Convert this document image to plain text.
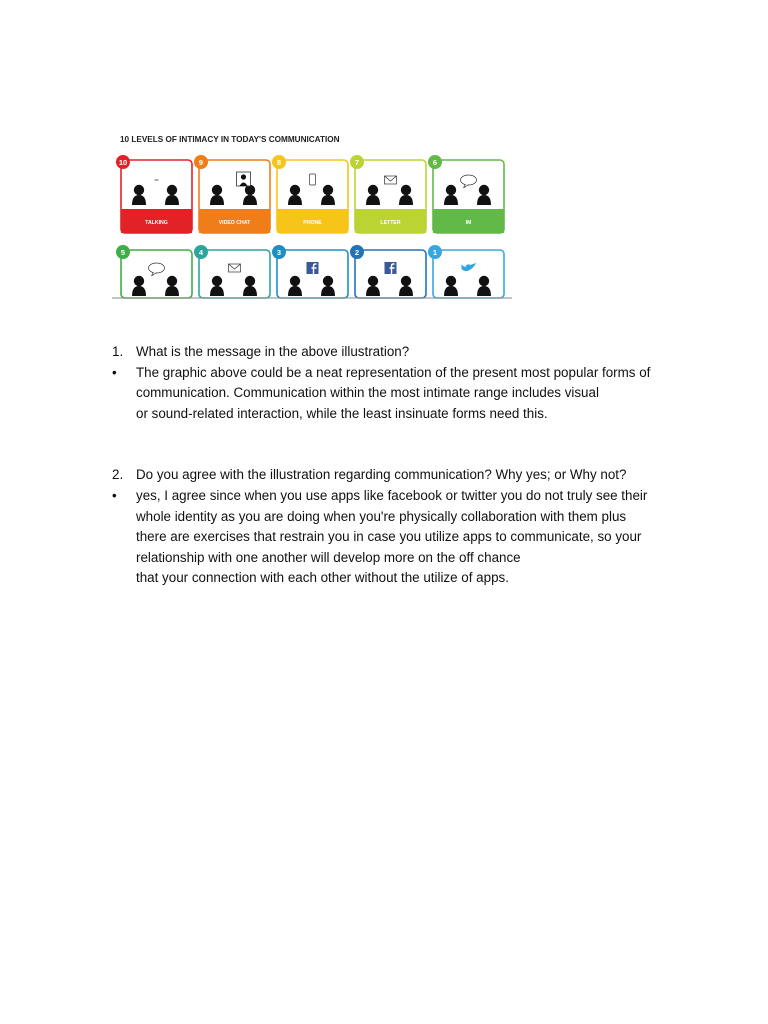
10 LEVELS OF INTIMACY IN TODAY'S COMMUNICATION
TALKING
10
VIDEO CHAT
9
PHONE
8
LETTER
7
IM
6
5	4	3	2	1
1. What is the message in the above illustration?
• The graphic above could be a neat representation of the present most popular forms of
communication. Communication within the most intimate range includes visual
or sound-related interaction, while the least insinuate forms need this.
2. Do you agree with the illustration regarding communication? Why yes; or Why not?
• yes, I agree since when you use apps like facebook or twitter you do not truly see their
whole identity as you are doing when you're physically collaboration with them plus
there are exercises that restrain you in case you utilize apps to communicate, so your
relationship with one another will develop more on the off chance
that your connection with each other without the utilize of apps.
